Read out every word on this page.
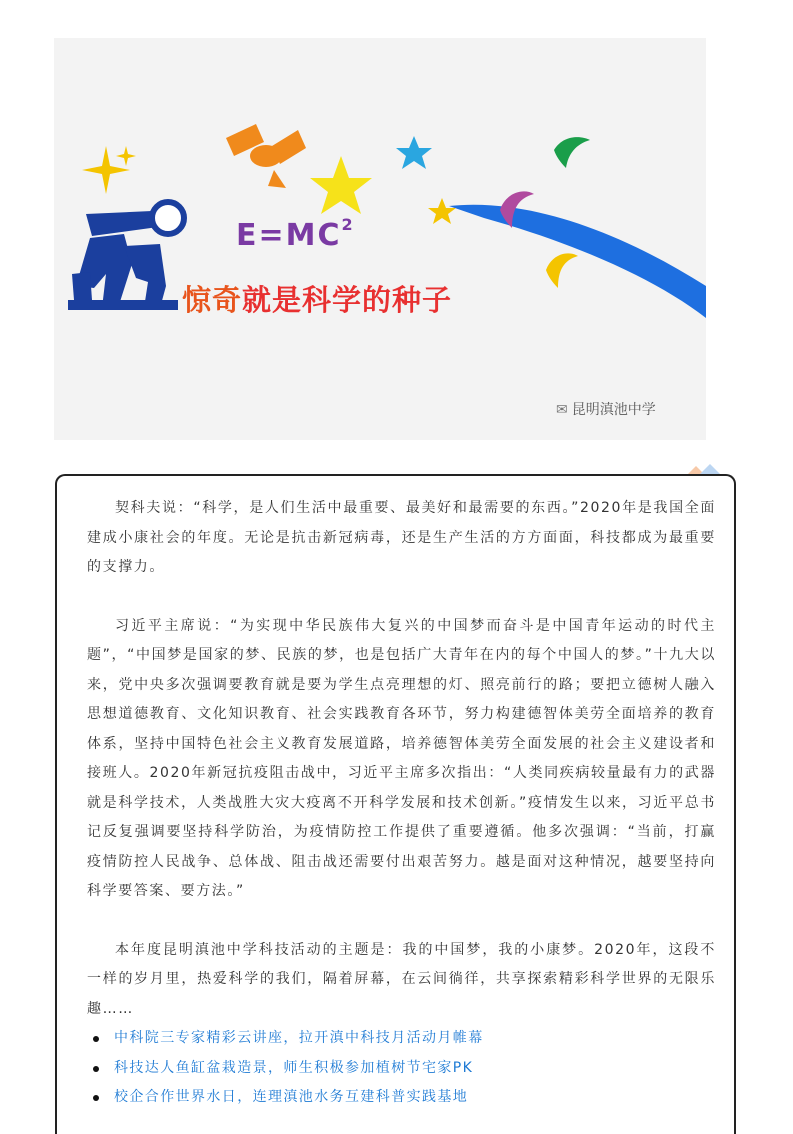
$E=MC^2$
惊奇就是科学的种子
✉ 昆明滇池中学

契科夫说：“科学，是人们生活中最重要、最美好和最需要的东西。”2020年是我国全面建成小康社会的年度。无论是抗击新冠病毒，还是生产生活的方方面面，科技都成为最重要的支撑力。

习近平主席说：“为实现中华民族伟大复兴的中国梦而奋斗是中国青年运动的时代主题”，“中国梦是国家的梦、民族的梦，也是包括广大青年在内的每个中国人的梦。”十九大以来，党中央多次强调要教育就是要为学生点亮理想的灯、照亮前行的路；要把立德树人融入思想道德教育、文化知识教育、社会实践教育各环节，努力构建德智体美劳全面培养的教育体系，坚持中国特色社会主义教育发展道路，培养德智体美劳全面发展的社会主义建设者和接班人。2020年新冠抗疫阻击战中，习近平主席多次指出：“人类同疾病较量最有力的武器就是科学技术，人类战胜大灾大疫离不开科学发展和技术创新。”疫情发生以来，习近平总书记反复强调要坚持科学防治，为疫情防控工作提供了重要遵循。他多次强调：“当前，打赢疫情防控人民战争、总体战、阻击战还需要付出艰苦努力。越是面对这种情况，越要坚持向科学要答案、要方法。”

本年度昆明滇池中学科技活动的主题是：我的中国梦，我的小康梦。2020年，这段不一样的岁月里，热爱科学的我们，隔着屏幕，在云间徜徉，共享探索精彩科学世界的无限乐趣……

中科院三专家精彩云讲座，拉开滇中科技月活动月帷幕
科技达人鱼缸盆栽造景，师生积极参加植树节宅家PK
校企合作世界水日，连理滇池水务互建科普实践基地
